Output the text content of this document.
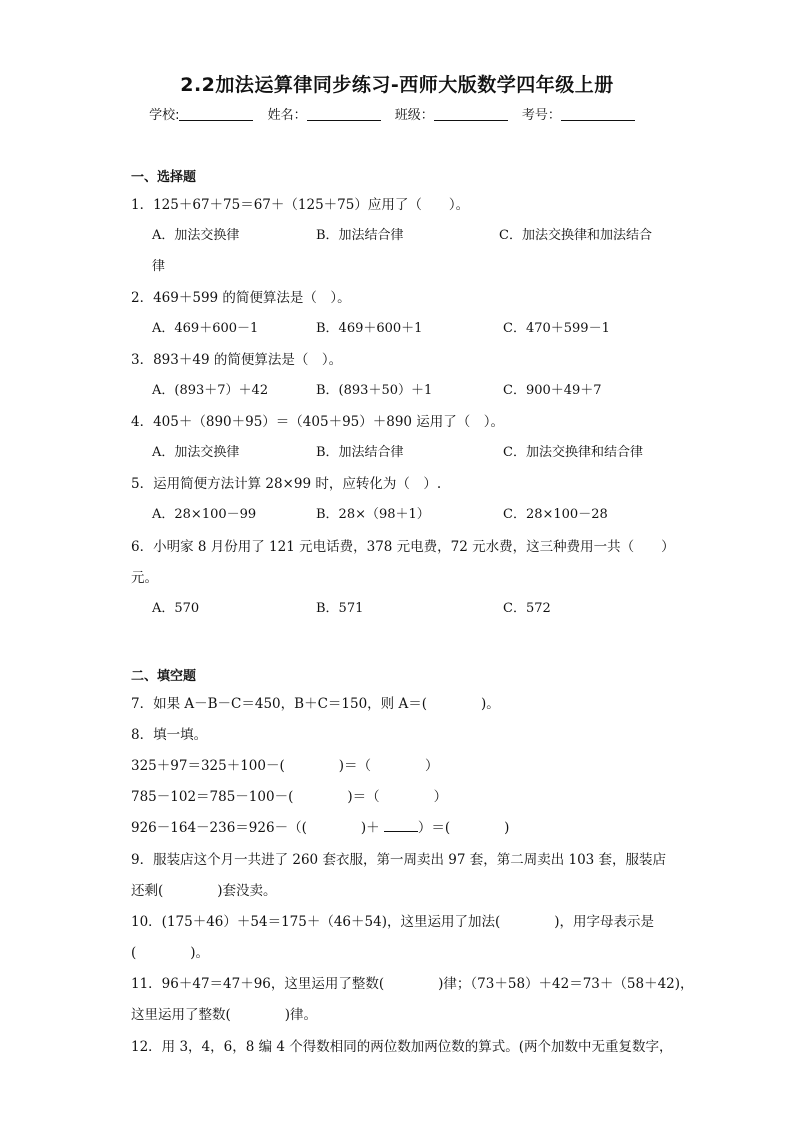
2.2加法运算律同步练习-西师大版数学四年级上册
学校:	姓名：	班级：	考号：
一、选择题
1．125＋67＋75＝67＋（125＋75）应用了（　　）。
A．加法交换律	B．加法结合律	C．加法交换律和加法结合
律
2．469＋599 的简便算法是（　）。
A．469＋600－1	B．469＋600＋1	C．470＋599－1
3．893＋49 的简便算法是（　）。
A．(893＋7）＋42	B．(893＋50）＋1	C．900＋49＋7
4．405＋（890＋95）＝（405＋95）＋890 运用了（　）。
A．加法交换律	B．加法结合律	C．加法交换律和结合律
5．运用简便方法计算 28×99 时，应转化为（　）.
A．28×100－99	B．28×（98＋1）	C．28×100－28
6．小明家 8 月份用了 121 元电话费，378 元电费，72 元水费，这三种费用一共（　　）
元。
A．570	B．571	C．572
二、填空题
7．如果 A－B－C＝450，B＋C＝150，则 A＝(　　　　)。
8．填一填。
325＋97＝325＋100－(　　　　)＝（　　　　）
785－102＝785－100－(　　　　)＝（　　　　）
926－164－236＝926－（(　　　　)＋	）＝(　　　　)
9．服装店这个月一共进了 260 套衣服，第一周卖出 97 套，第二周卖出 103 套，服装店
还剩(　　　　)套没卖。
10．(175＋46）＋54＝175＋（46＋54)，这里运用了加法(　　　　)，用字母表示是
(　　　　)。
11．96＋47＝47＋96，这里运用了整数(　　　　)律；（73＋58）＋42＝73＋（58＋42)，
这里运用了整数(　　　　)律。
12．用 3，4，6，8 编 4 个得数相同的两位数加两位数的算式。(两个加数中无重复数字，
